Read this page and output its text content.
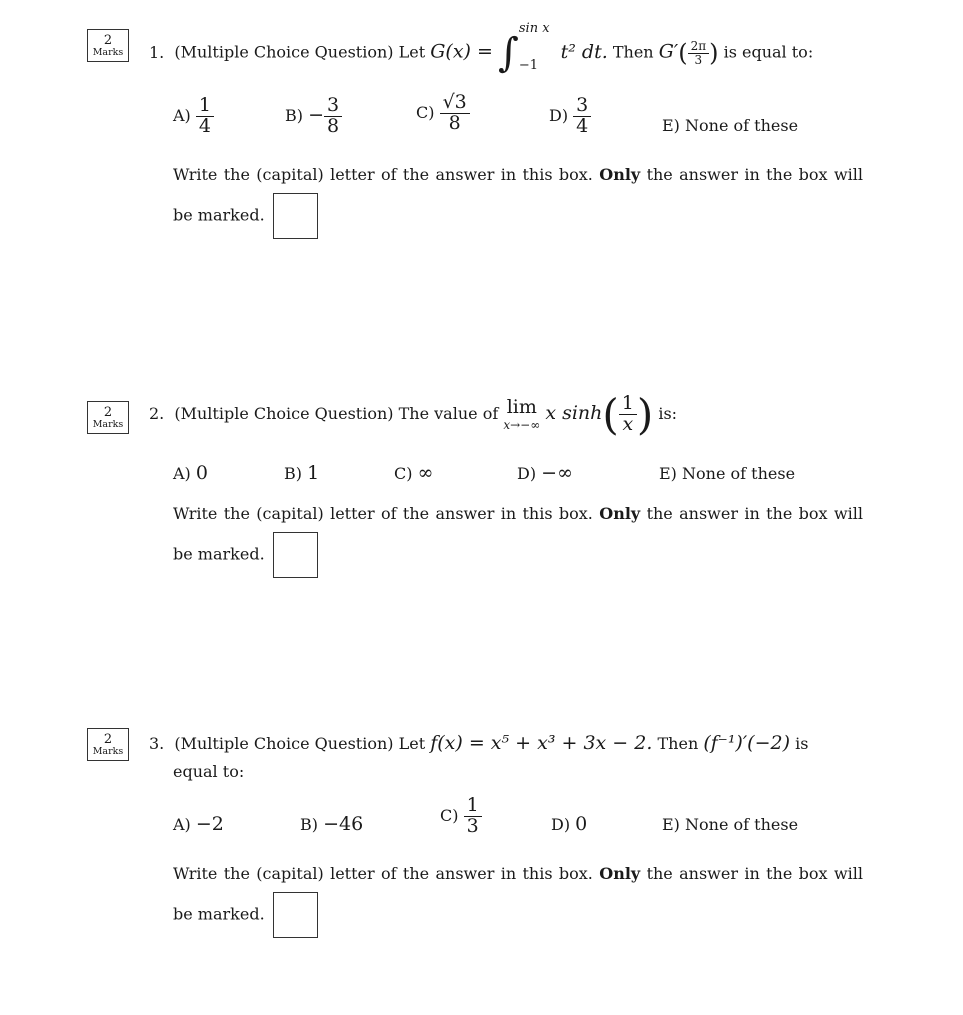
2
Marks 1. (Multiple Choice Question) Let G(x) = ∫
sin x
−1
t² dt. Then $G'( \frac{2\pi}{3}$ ) is equal to:
$A) \frac{1}{4}$	$B) - \frac{3}{8}$	$C) \frac{√3}{8}$	$D) \frac{3}{4}$	E) None of these
Write the (capital) letter of the answer in this box. Only the answer in the box will be marked.
2
Marks
2. (Multiple Choice Question) The value of lim
x→−∞
x $\sinh( \frac{1}{x}$ ) is:
A) 0	B) 1	C) ∞	D) −∞	E) None of these
Write the (capital) letter of the answer in this box. Only the answer in the box will be marked.
2
Marks 3. (Multiple Choice Question) Let f(x) = x⁵ + x³ + 3x − 2. Then (f⁻¹)′(−2) is
equal to:
A) −2	B) −46	$C) \frac{1}{3}$	D) 0	E) None of these
Write the (capital) letter of the answer in this box. Only the answer in the box will be marked.
